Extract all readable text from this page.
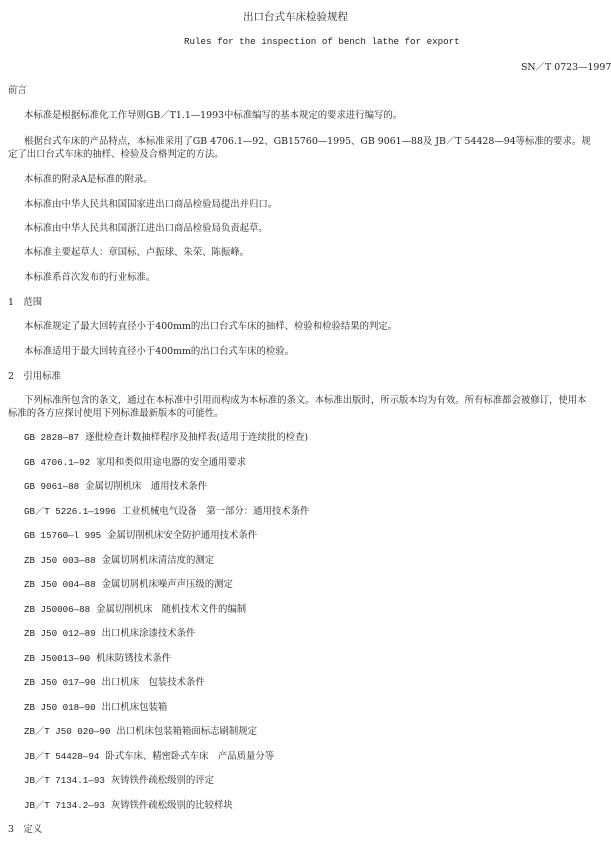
出口台式车床检验规程
Rules for the inspection of bench lathe for export
SN／T 0723—1997
前言
本标准是根据标准化工作导则GB／T1.1—1993中标准编写的基本规定的要求进行编写的。
根据台式车床的产品特点，本标准采用了GB 4706.1—92、GB15760—1995、GB 9061—88及 JB／T 54428—94等标准的要求。规定了出口台式车床的抽样、检验及合格判定的方法。
本标准的附录A是标准的附录。
本标准由中华人民共和国国家进出口商品检验局提出并归口。
本标准由中华人民共和国浙江进出口商品检验局负责起草。
本标准主要起草人：章国标、卢振球、朱荣、陈振峰。
本标准系首次发布的行业标准。
1　范围
本标准规定了最大回转直径小于400mm的出口台式车床的抽样、检验和检验结果的判定。
本标准适用于最大回转直径小于400mm的出口台式车床的检验。
2　引用标准
下列标准所包含的条文，通过在本标准中引用而构成为本标准的条文。本标准出版时，所示版本均为有效。所有标准都会被修订，使用本标准的各方应探讨使用下列标准最新版本的可能性。
GB 2828—87 逐批检查计数抽样程序及抽样表(适用于连续批的检查)
GB 4706.1—92 家用和类似用途电器的安全通用要求
GB 9061—88 金属切削机床　通用技术条件
GB／T 5226.1—1996 工业机械电气设备　第一部分：通用技术条件
GB 15760—l 995 金属切削机床安全防护通用技术条件
ZB J50 003—88 金属切屑机床清洁度的测定
ZB J50 004—88 金属切屑机床噪声声压级的测定
ZB J50006—88 金属切削机床　随机技术文件的编制
ZB J50 012—89 出口机床涂漆技术条件
ZB J50013—90 机床防锈技术条件
ZB J50 017—90 出口机床　包装技术条件
ZB J50 018—90 出口机床包装箱
ZB／T J50 020—90 出口机床包装箱箱面标志刷制规定
JB／T 54428—94 卧式车床、精密卧式车床　产品质量分等
JB／T 7134.1—93 灰铸铁件疏松级别的评定
JB／T 7134.2—93 灰铸铁件疏松级别的比较样块
3　定义
